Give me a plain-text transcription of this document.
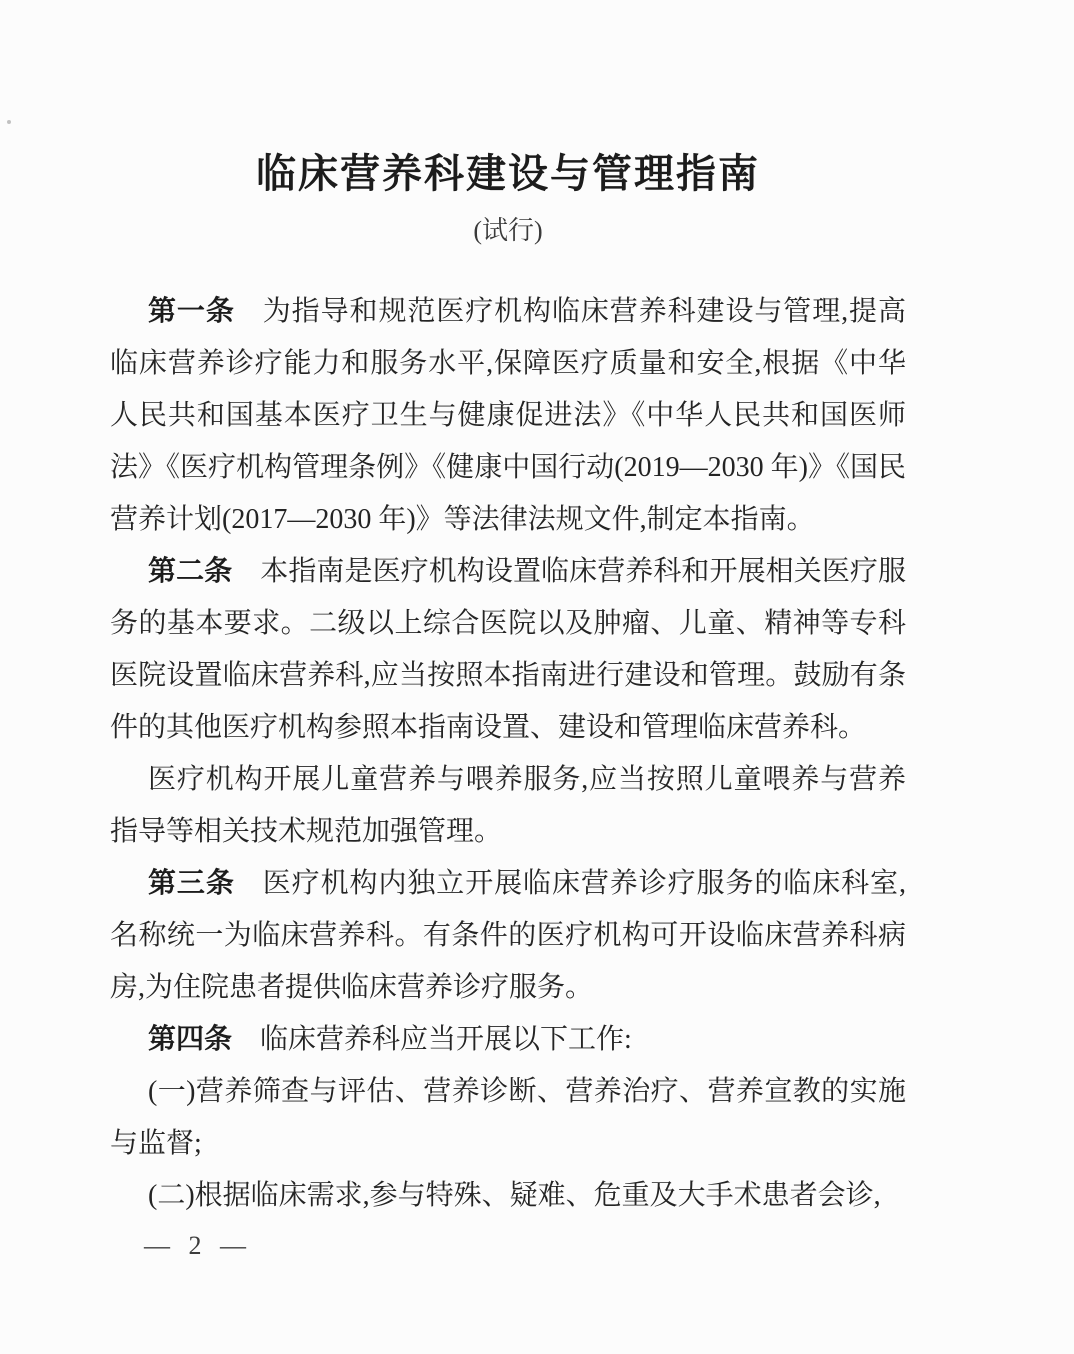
临床营养科建设与管理指南
(试行)

第一条 为指导和规范医疗机构临床营养科建设与管理,提高临床营养诊疗能力和服务水平,保障医疗质量和安全,根据《中华人民共和国基本医疗卫生与健康促进法》《中华人民共和国医师法》《医疗机构管理条例》《健康中国行动(2019—2030 年)》《国民营养计划(2017—2030 年)》等法律法规文件,制定本指南。

第二条 本指南是医疗机构设置临床营养科和开展相关医疗服务的基本要求。二级以上综合医院以及肿瘤、儿童、精神等专科医院设置临床营养科,应当按照本指南进行建设和管理。鼓励有条件的其他医疗机构参照本指南设置、建设和管理临床营养科。

医疗机构开展儿童营养与喂养服务,应当按照儿童喂养与营养指导等相关技术规范加强管理。

第三条 医疗机构内独立开展临床营养诊疗服务的临床科室,名称统一为临床营养科。有条件的医疗机构可开设临床营养科病房,为住院患者提供临床营养诊疗服务。

第四条 临床营养科应当开展以下工作:

(一)营养筛查与评估、营养诊断、营养治疗、营养宣教的实施与监督;

(二)根据临床需求,参与特殊、疑难、危重及大手术患者会诊,

— 2 —
